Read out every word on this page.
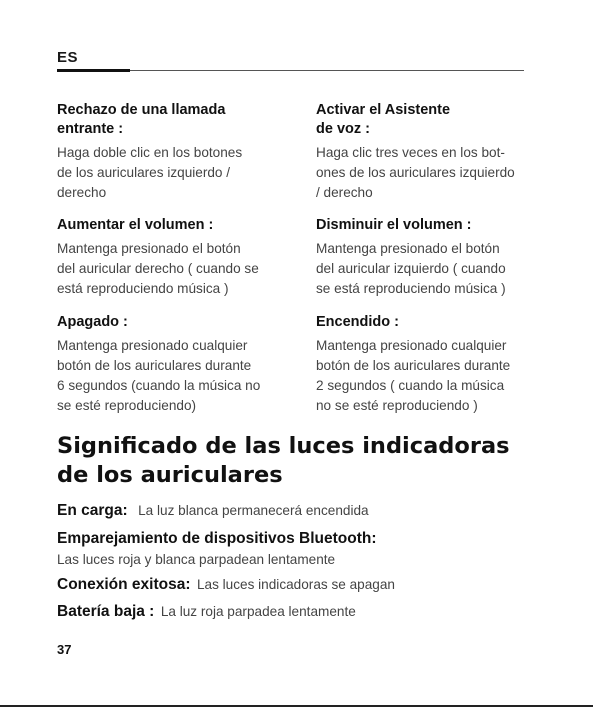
ES
Rechazo de una llamada
entrante :

Haga doble clic en los botones
de los auriculares izquierdo /
derecho

Aumentar el volumen :

Mantenga presionado el botón
del auricular derecho ( cuando se
está reproduciendo música )

Apagado :

Mantenga presionado cualquier
botón de los auriculares durante
6 segundos (cuando la música no
se esté reproduciendo)

Activar el Asistente
de voz :

Haga clic tres veces en los bot-
ones de los auriculares izquierdo
/ derecho

Disminuir el volumen :

Mantenga presionado el botón
del auricular izquierdo ( cuando
se está reproduciendo música )

Encendido :

Mantenga presionado cualquier
botón de los auriculares durante
2 segundos ( cuando la música
no se esté reproduciendo )

Significado de las luces indicadoras de los auriculares
En carga: La luz blanca permanecerá encendida
Emparejamiento de dispositivos Bluetooth:
Las luces roja y blanca parpadean lentamente
Conexión exitosa: Las luces indicadoras se apagan
Batería baja : La luz roja parpadea lentamente
37
